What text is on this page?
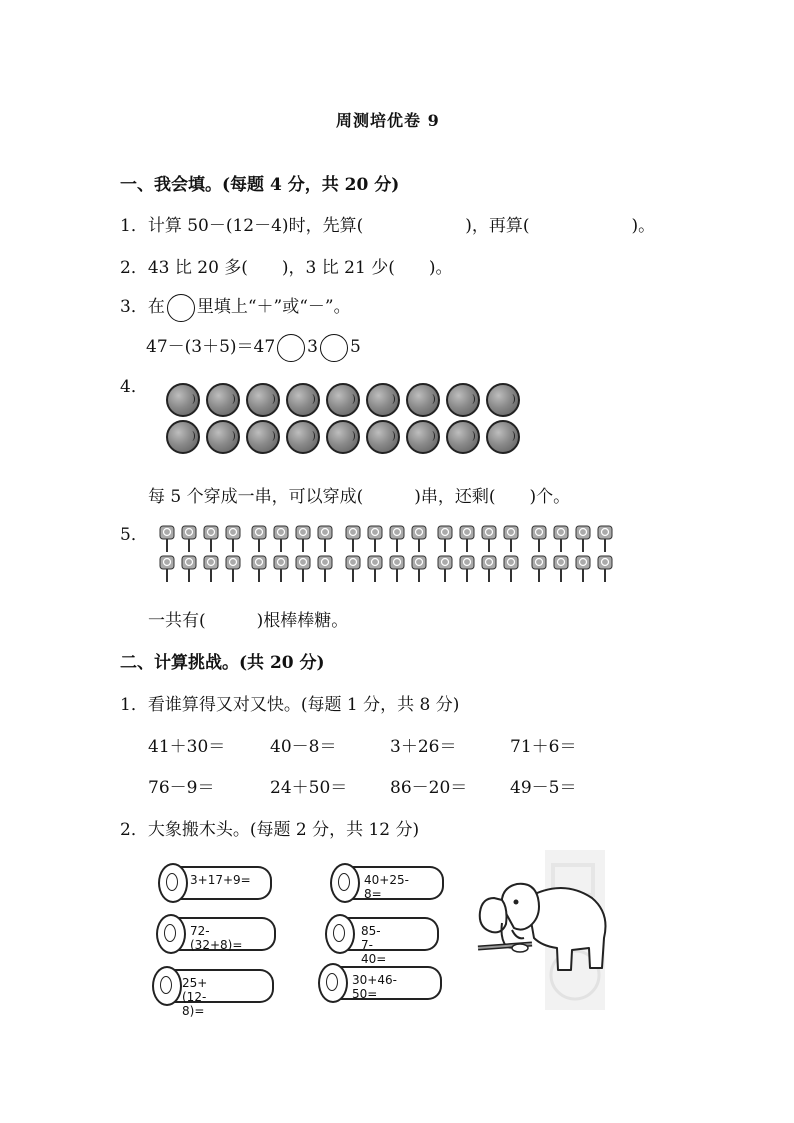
周测培优卷 9
一、我会填。(每题 4 分，共 20 分)
1．计算 50－(12－4)时，先算(　　　　　　)，再算(　　　　　　)。
2．43 比 20 多(　　)，3 比 21 少(　　)。
3．在 里填上“＋”或“－”。
47－(3＋5)＝47 3 5
4．
每 5 个穿成一串，可以穿成(　　　)串，还剩(　　)个。
5．
一共有(　　　)根棒棒糖。
二、计算挑战。(共 20 分)
1．看谁算得又对又快。(每题 1 分，共 8 分)
41＋30＝	40－8＝	3＋26＝	71＋6＝
76－9＝	24＋50＝	86－20＝	49－5＝
2．大象搬木头。(每题 2 分，共 12 分)
3+17+9=	40+25-8=
72-(32+8)=
85-7-40=
25+(12-8)=
30+46-50=
